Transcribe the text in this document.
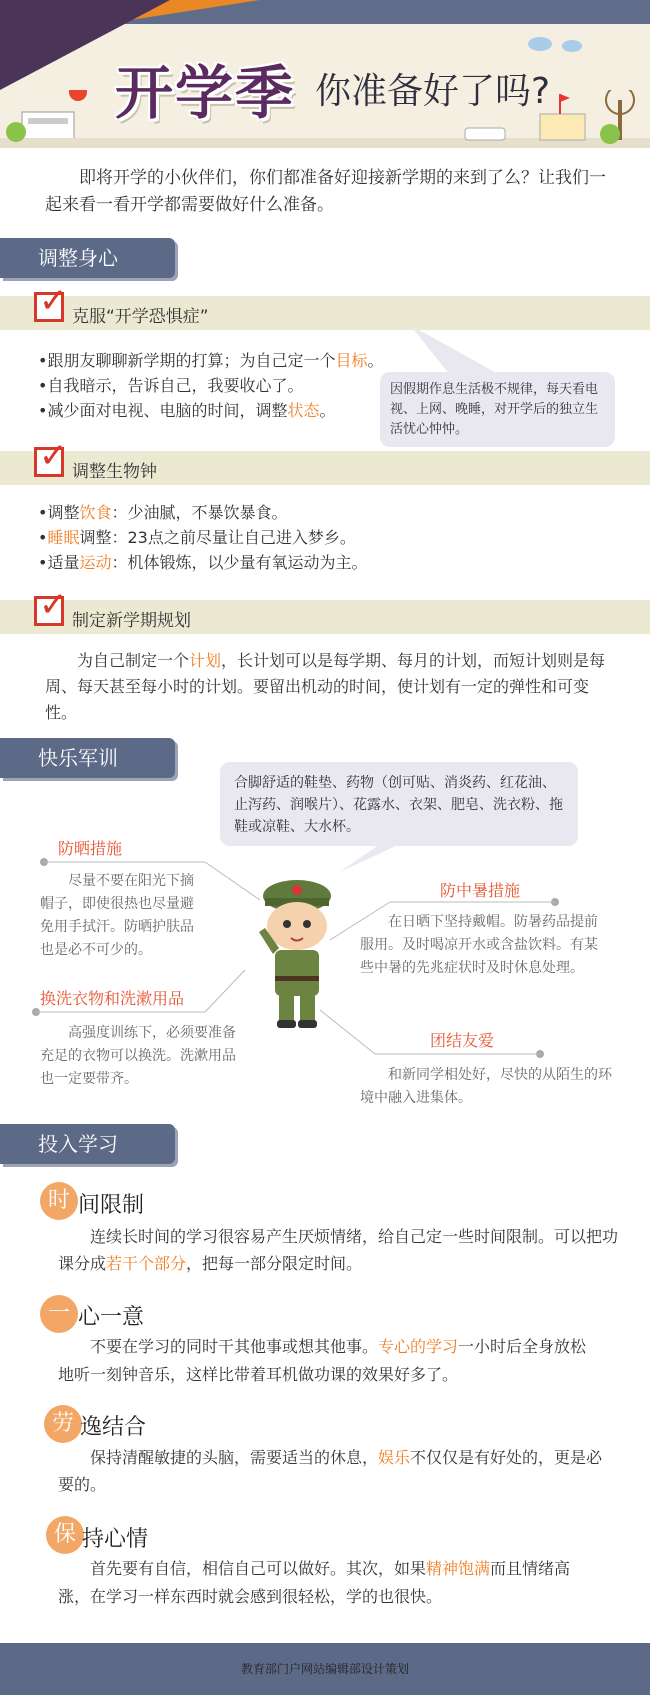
开学季 你准备好了吗?
即将开学的小伙伴们，你们都准备好迎接新学期的来到了么？让我们一起来看一看开学都需要做好什么准备。
调整身心
✓ 克服“开学恐惧症”
•跟朋友聊聊新学期的打算；为自己定一个目标。
•自我暗示，告诉自己，我要收心了。
•减少面对电视、电脑的时间，调整状态。
因假期作息生活极不规律，每天看电视、上网、晚睡，对开学后的独立生活忧心忡忡。
✓ 调整生物钟
•调整饮食：少油腻，不暴饮暴食。
•睡眠调整：23点之前尽量让自己进入梦乡。
•适量运动：机体锻炼，以少量有氧运动为主。
✓ 制定新学期规划
为自己制定一个计划，长计划可以是每学期、每月的计划，而短计划则是每周、每天甚至每小时的计划。要留出机动的时间，使计划有一定的弹性和可变性。
快乐军训
合脚舒适的鞋垫、药物（创可贴、消炎药、红花油、止泻药、润喉片）、花露水、衣架、肥皂、洗衣粉、拖鞋或凉鞋、大水杯。
防晒措施
尽量不要在阳光下摘帽子，即使很热也尽量避免用手拭汗。防晒护肤品也是必不可少的。
换洗衣物和洗漱用品
高强度训练下，必须要准备充足的衣物可以换洗。洗漱用品也一定要带齐。
防中暑措施
在日晒下坚持戴帽。防暑药品提前服用。及时喝凉开水或含盐饮料。有某些中暑的先兆症状时及时休息处理。
团结友爱
和新同学相处好，尽快的从陌生的环境中融入进集体。
投入学习
时 间限制
连续长时间的学习很容易产生厌烦情绪，给自己定一些时间限制。可以把功课分成若干个部分，把每一部分限定时间。
一 心一意
不要在学习的同时干其他事或想其他事。专心的学习一小时后全身放松地听一刻钟音乐，这样比带着耳机做功课的效果好多了。
劳 逸结合
保持清醒敏捷的头脑，需要适当的休息，娱乐不仅仅是有好处的，更是必要的。
保 持心情
首先要有自信，相信自己可以做好。其次，如果精神饱满而且情绪高涨，在学习一样东西时就会感到很轻松，学的也很快。
教育部门户网站编辑部设计策划
